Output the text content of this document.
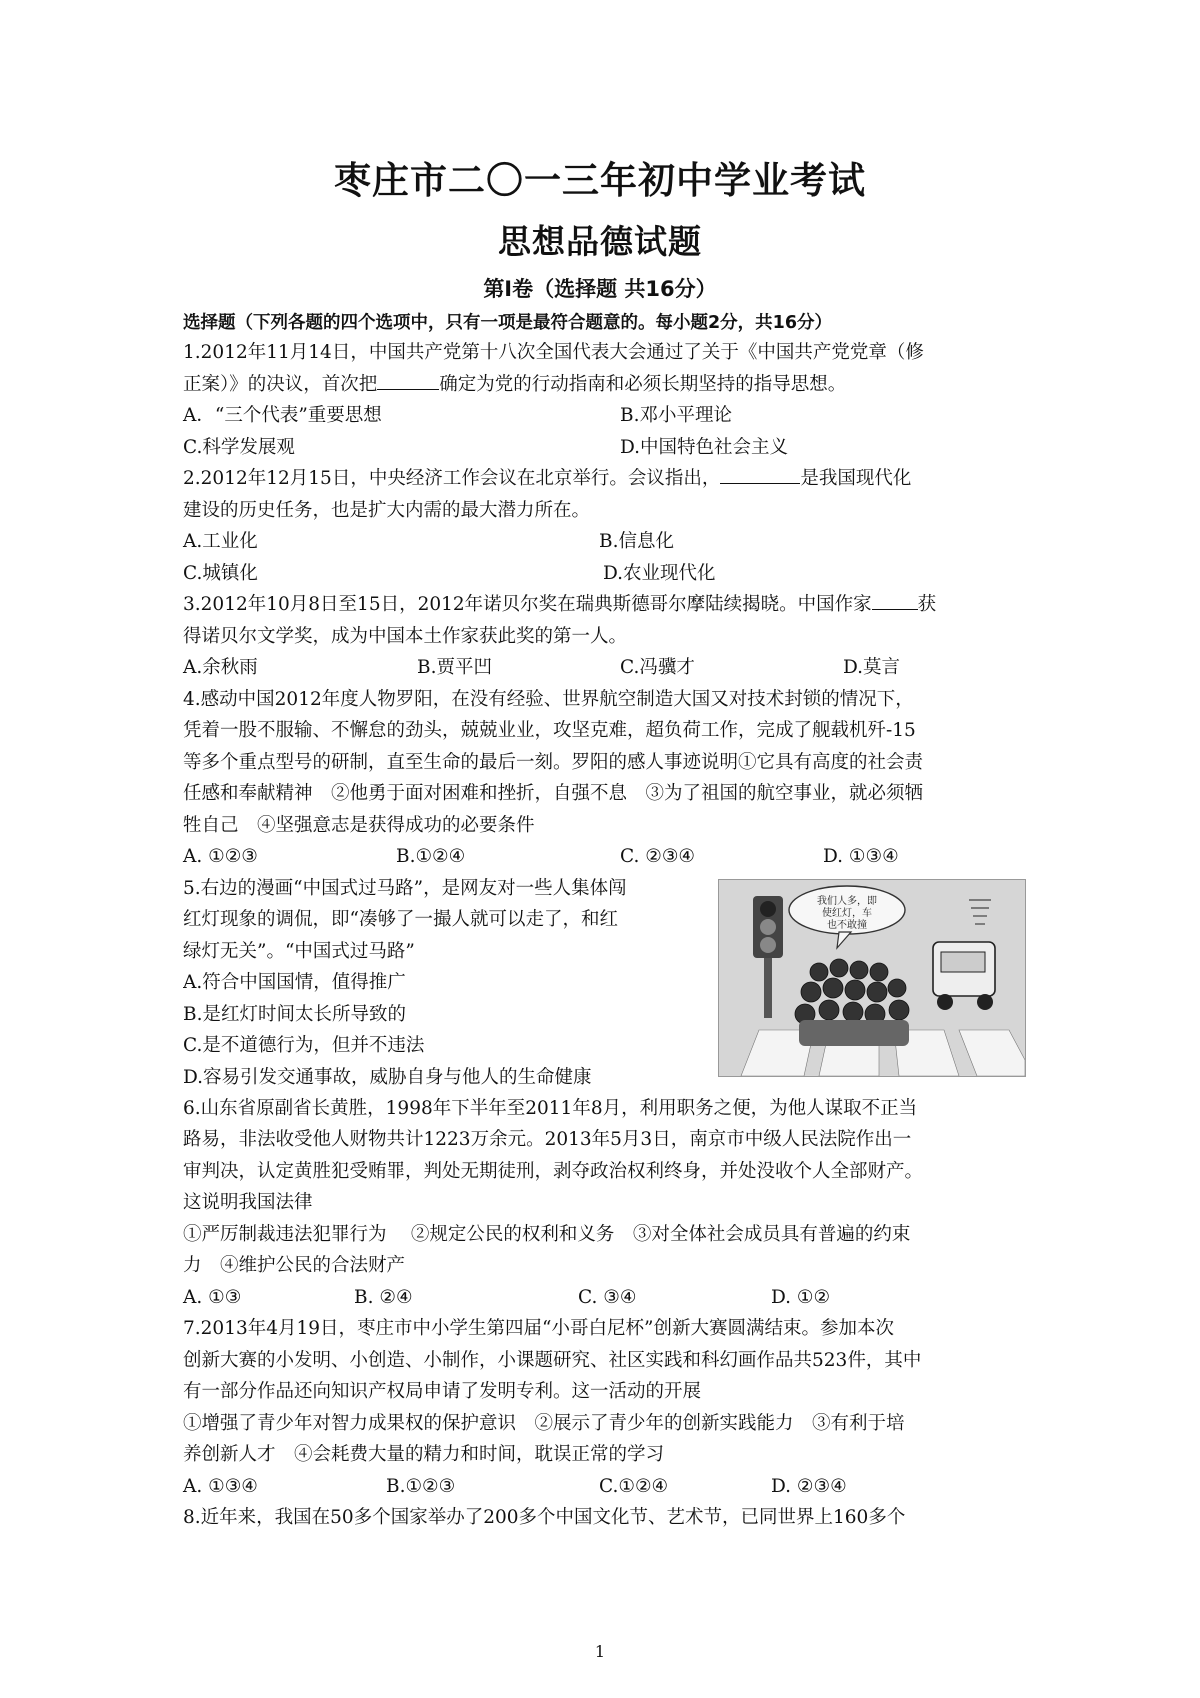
枣庄市二〇一三年初中学业考试
思想品德试题
第Ⅰ卷（选择题 共16分）
选择题（下列各题的四个选项中，只有一项是最符合题意的。每小题2分，共16分）
1.2012年11月14日，中国共产党第十八次全国代表大会通过了关于《中国共产党党章（修
正案）》的决议，首次把	确定为党的行动指南和必须长期坚持的指导思想。
A．“三个代表”重要思想	B.邓小平理论
C.科学发展观	D.中国特色社会主义
2.2012年12月15日，中央经济工作会议在北京举行。会议指出，	是我国现代化
建设的历史任务，也是扩大内需的最大潜力所在。
A.工业化	B.信息化
C.城镇化	D.农业现代化
3.2012年10月8日至15日，2012年诺贝尔奖在瑞典斯德哥尔摩陆续揭晓。中国作家 获
得诺贝尔文学奖，成为中国本土作家获此奖的第一人。
A.余秋雨	B.贾平凹	C.冯骥才	D.莫言
4.感动中国2012年度人物罗阳，在没有经验、世界航空制造大国又对技术封锁的情况下，
凭着一股不服输、不懈怠的劲头，兢兢业业，攻坚克难，超负荷工作，完成了舰载机歼-15
等多个重点型号的研制，直至生命的最后一刻。罗阳的感人事迹说明①它具有高度的社会责
任感和奉献精神　②他勇于面对困难和挫折，自强不息　③为了祖国的航空事业，就必须牺
牲自己　④坚强意志是获得成功的必要条件
A. ①②③	B.①②④	C. ②③④	D. ①③④
5.右边的漫画“中国式过马路”，是网友对一些人集体闯
红灯现象的调侃，即“凑够了一撮人就可以走了，和红
绿灯无关”。“中国式过马路”
A.符合中国国情，值得推广
B.是红灯时间太长所导致的
C.是不道德行为，但并不违法
D.容易引发交通事故，威胁自身与他人的生命健康
我们人多，即
使红灯，车
也不敢撞
6.山东省原副省长黄胜，1998年下半年至2011年8月，利用职务之便，为他人谋取不正当
路易，非法收受他人财物共计1223万余元。2013年5月3日，南京市中级人民法院作出一
审判决，认定黄胜犯受贿罪，判处无期徒刑，剥夺政治权利终身，并处没收个人全部财产。
这说明我国法律
①严厉制裁违法犯罪行为　 ②规定公民的权利和义务　③对全体社会成员具有普遍的约束
力　④维护公民的合法财产
A. ①③	B. ②④	C. ③④	D. ①②
7.2013年4月19日，枣庄市中小学生第四届“小哥白尼杯”创新大赛圆满结束。参加本次
创新大赛的小发明、小创造、小制作，小课题研究、社区实践和科幻画作品共523件，其中
有一部分作品还向知识产权局申请了发明专利。这一活动的开展
①增强了青少年对智力成果权的保护意识　②展示了青少年的创新实践能力　③有利于培
养创新人才　④会耗费大量的精力和时间，耽误正常的学习
A. ①③④	B.①②③	C.①②④	D. ②③④
8.近年来，我国在50多个国家举办了200多个中国文化节、艺术节，已同世界上160多个
1
